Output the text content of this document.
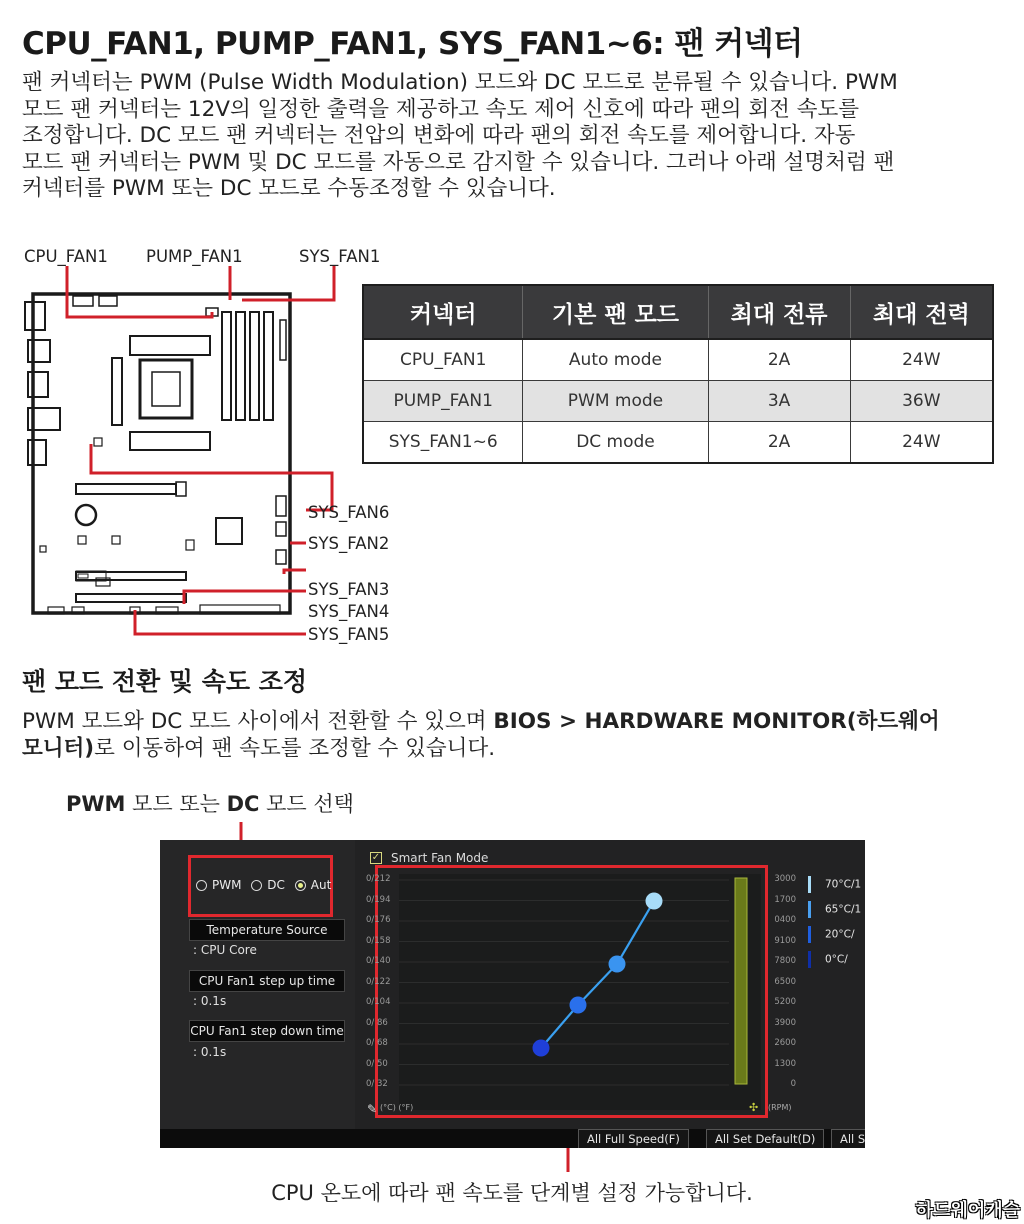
CPU_FAN1, PUMP_FAN1, SYS_FAN1~6: 팬 커넥터
팬 커넥터는 PWM (Pulse Width Modulation) 모드와 DC 모드로 분류될 수 있습니다. PWM
모드 팬 커넥터는 12V의 일정한 출력을 제공하고 속도 제어 신호에 따라 팬의 회전 속도를
조정합니다. DC 모드 팬 커넥터는 전압의 변화에 따라 팬의 회전 속도를 제어합니다. 자동
모드 팬 커넥터는 PWM 및 DC 모드를 자동으로 감지할 수 있습니다. 그러나 아래 설명처럼 팬
커넥터를 PWM 또는 DC 모드로 수동조정할 수 있습니다.
CPU_FAN1 PUMP_FAN1	SYS_FAN1
SYS_FAN6
SYS_FAN2
SYS_FAN3
SYS_FAN4
SYS_FAN5
커넥터	기본 팬 모드	최대 전류	최대 전력
CPU_FAN1	Auto mode	2A	24W
PUMP_FAN1	PWM mode	3A	36W
SYS_FAN1~6	DC mode	2A	24W
팬 모드 전환 및 속도 조정
PWM 모드와 DC 모드 사이에서 전환할 수 있으며 BIOS > HARDWARE MONITOR(하드웨어
모니터)로 이동하여 팬 속도를 조정할 수 있습니다.
PWM 모드 또는 DC 모드 선택
PWM DC Aut
Temperature Source
: CPU Core
CPU Fan1 step up time
: 0.1s
CPU Fan1 step down time
: 0.1s
✓ Smart Fan Mode
0/212
0/194
0/176
0/158
0/140
0/122
0/104
0/ 86
0/ 68
0/ 50
0/ 32
3000
1700
0400
9100
7800
6500
5200
3900
2600
1300
0
(°C) (°F)	(RPM)
✎	✣
70°C/1
65°C/1
20°C/
0°C/
All Full Speed(F)	All Set Default(D)	All S
CPU 온도에 따라 팬 속도를 단계별 설정 가능합니다.
하드웨어캐슬
